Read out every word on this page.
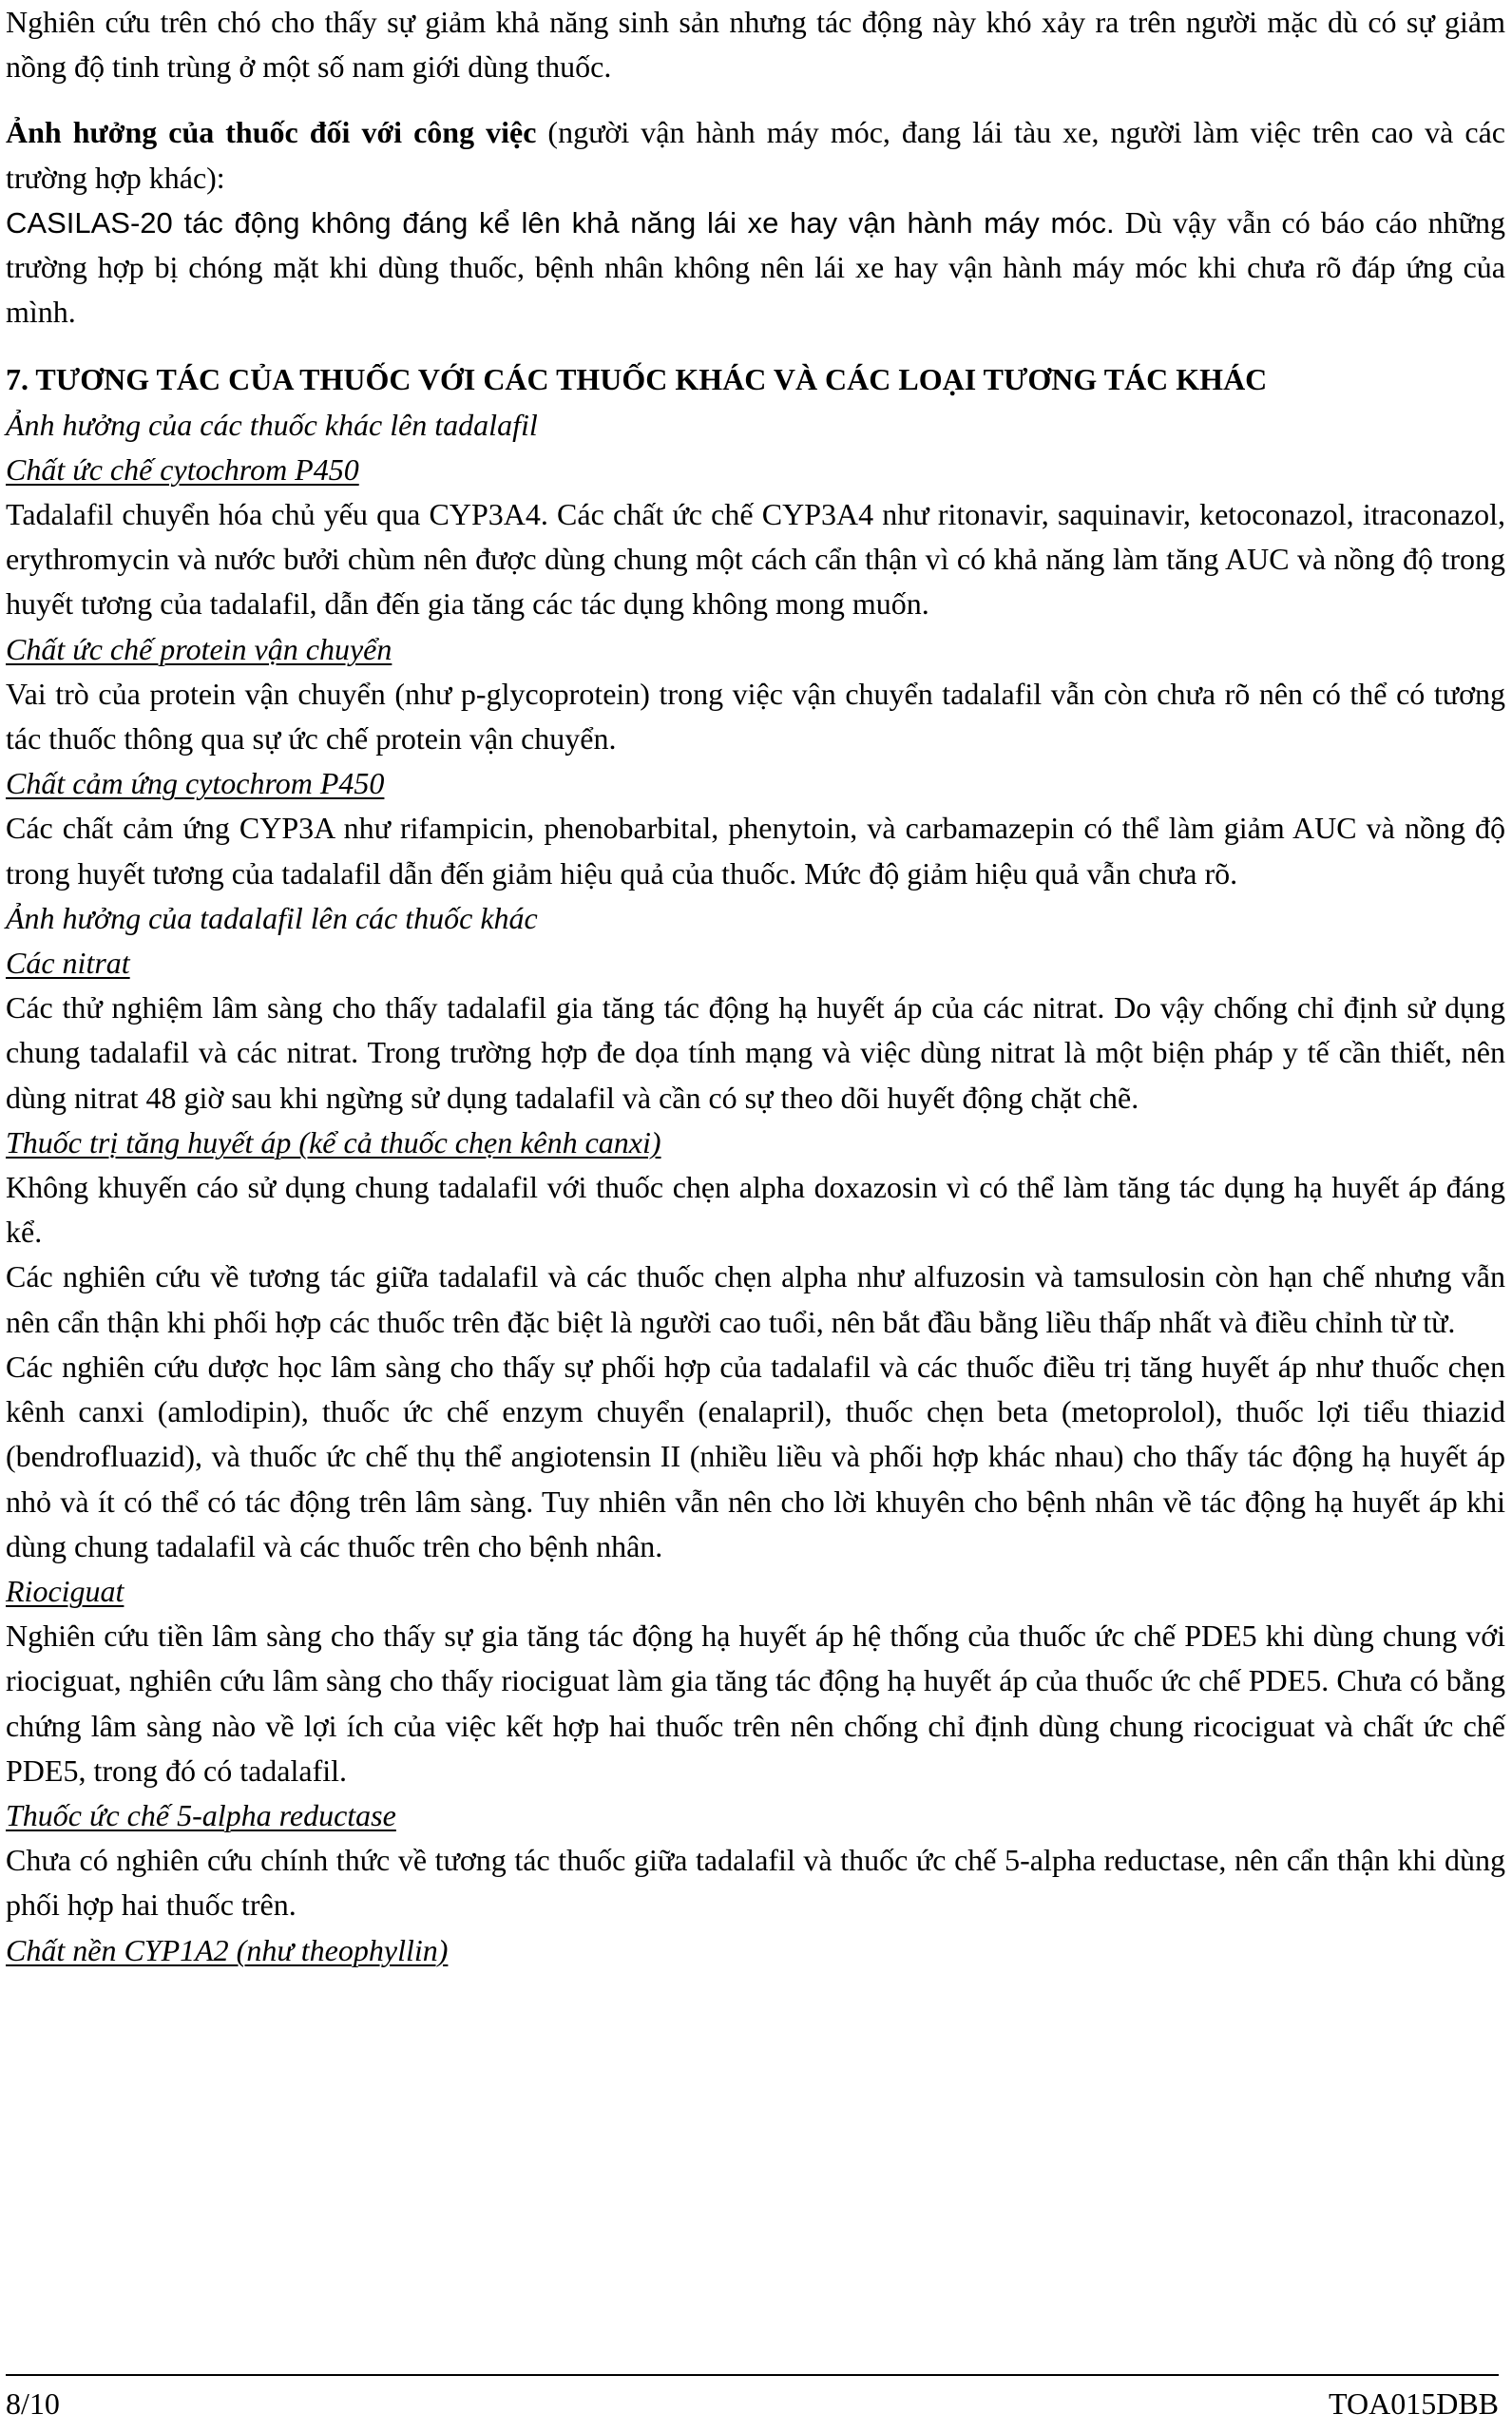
Nghiên cứu trên chó cho thấy sự giảm khả năng sinh sản nhưng tác động này khó xảy ra trên người mặc dù có sự giảm nồng độ tinh trùng ở một số nam giới dùng thuốc.

Ảnh hưởng của thuốc đối với công việc (người vận hành máy móc, đang lái tàu xe, người làm việc trên cao và các trường hợp khác):

CASILAS-20 tác động không đáng kể lên khả năng lái xe hay vận hành máy móc. Dù vậy vẫn có báo cáo những trường hợp bị chóng mặt khi dùng thuốc, bệnh nhân không nên lái xe hay vận hành máy móc khi chưa rõ đáp ứng của mình.

7. TƯƠNG TÁC CỦA THUỐC VỚI CÁC THUỐC KHÁC VÀ CÁC LOẠI TƯƠNG TÁC KHÁC

Ảnh hưởng của các thuốc khác lên tadalafil

Chất ức chế cytochrom P450

Tadalafil chuyển hóa chủ yếu qua CYP3A4. Các chất ức chế CYP3A4 như ritonavir, saquinavir, ketoconazol, itraconazol, erythromycin và nước bưởi chùm nên được dùng chung một cách cẩn thận vì có khả năng làm tăng AUC và nồng độ trong huyết tương của tadalafil, dẫn đến gia tăng các tác dụng không mong muốn.

Chất ức chế protein vận chuyển

Vai trò của protein vận chuyển (như p-glycoprotein) trong việc vận chuyển tadalafil vẫn còn chưa rõ nên có thể có tương tác thuốc thông qua sự ức chế protein vận chuyển.

Chất cảm ứng cytochrom P450

Các chất cảm ứng CYP3A như rifampicin, phenobarbital, phenytoin, và carbamazepin có thể làm giảm AUC và nồng độ trong huyết tương của tadalafil dẫn đến giảm hiệu quả của thuốc. Mức độ giảm hiệu quả vẫn chưa rõ.

Ảnh hưởng của tadalafil lên các thuốc khác

Các nitrat

Các thử nghiệm lâm sàng cho thấy tadalafil gia tăng tác động hạ huyết áp của các nitrat. Do vậy chống chỉ định sử dụng chung tadalafil và các nitrat. Trong trường hợp đe dọa tính mạng và việc dùng nitrat là một biện pháp y tế cần thiết, nên dùng nitrat 48 giờ sau khi ngừng sử dụng tadalafil và cần có sự theo dõi huyết động chặt chẽ.

Thuốc trị tăng huyết áp (kể cả thuốc chẹn kênh canxi)

Không khuyến cáo sử dụng chung tadalafil với thuốc chẹn alpha doxazosin vì có thể làm tăng tác dụng hạ huyết áp đáng kể.

Các nghiên cứu về tương tác giữa tadalafil và các thuốc chẹn alpha như alfuzosin và tamsulosin còn hạn chế nhưng vẫn nên cẩn thận khi phối hợp các thuốc trên đặc biệt là người cao tuổi, nên bắt đầu bằng liều thấp nhất và điều chỉnh từ từ.

Các nghiên cứu dược học lâm sàng cho thấy sự phối hợp của tadalafil và các thuốc điều trị tăng huyết áp như thuốc chẹn kênh canxi (amlodipin), thuốc ức chế enzym chuyển (enalapril), thuốc chẹn beta (metoprolol), thuốc lợi tiểu thiazid (bendrofluazid), và thuốc ức chế thụ thể angiotensin II (nhiều liều và phối hợp khác nhau) cho thấy tác động hạ huyết áp nhỏ và ít có thể có tác động trên lâm sàng. Tuy nhiên vẫn nên cho lời khuyên cho bệnh nhân về tác động hạ huyết áp khi dùng chung tadalafil và các thuốc trên cho bệnh nhân.

Riociguat

Nghiên cứu tiền lâm sàng cho thấy sự gia tăng tác động hạ huyết áp hệ thống của thuốc ức chế PDE5 khi dùng chung với riociguat, nghiên cứu lâm sàng cho thấy riociguat làm gia tăng tác động hạ huyết áp của thuốc ức chế PDE5. Chưa có bằng chứng lâm sàng nào về lợi ích của việc kết hợp hai thuốc trên nên chống chỉ định dùng chung ricociguat và chất ức chế PDE5, trong đó có tadalafil.

Thuốc ức chế 5-alpha reductase

Chưa có nghiên cứu chính thức về tương tác thuốc giữa tadalafil và thuốc ức chế 5-alpha reductase, nên cẩn thận khi dùng phối hợp hai thuốc trên.

Chất nền CYP1A2 (như theophyllin)

8/10	TOA015DBB
